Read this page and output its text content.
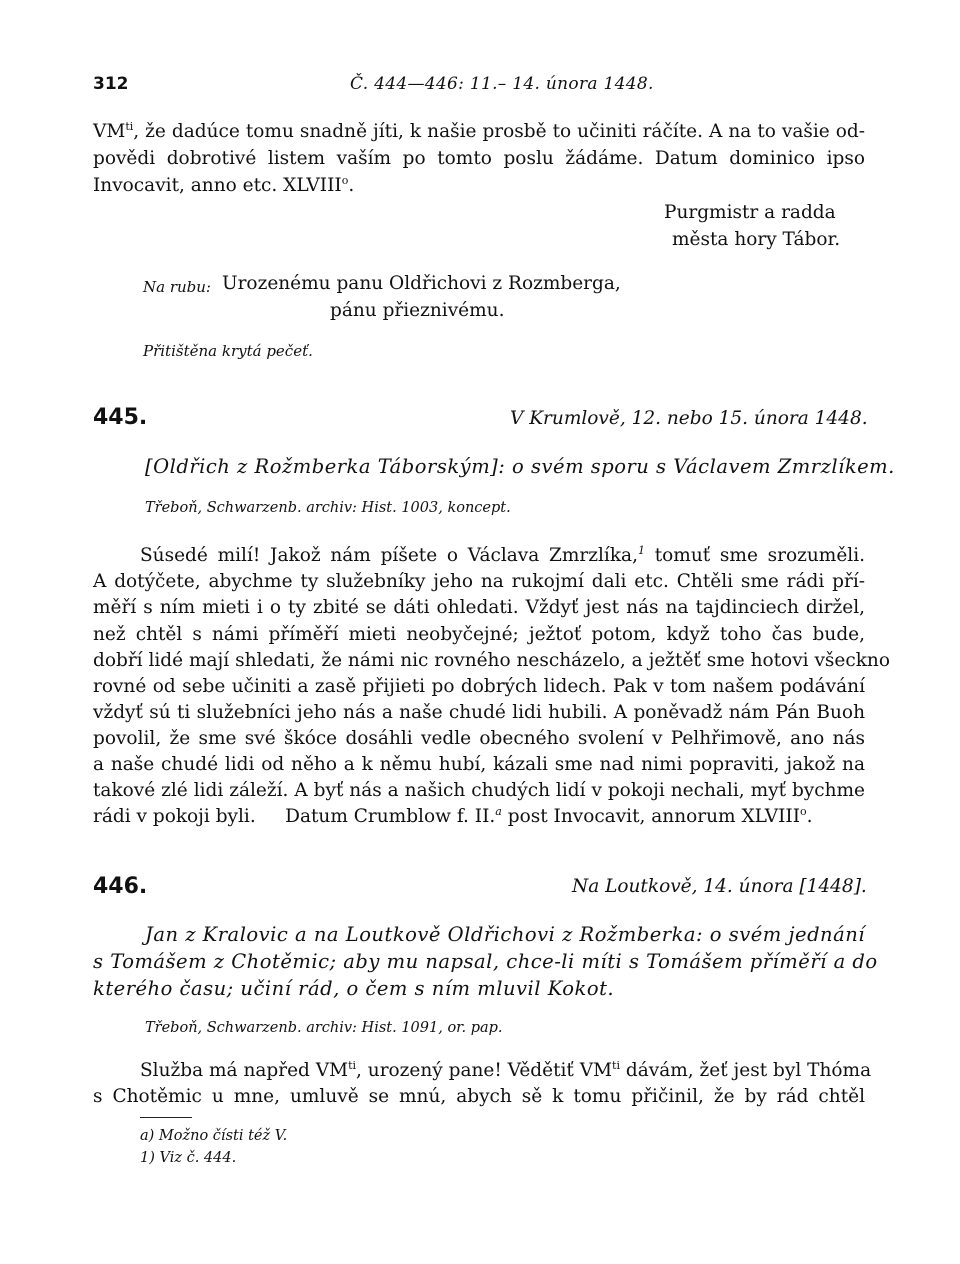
312	Č. 444—446: 11.– 14. února 1448.
$VM^{ti}$, že dadúce tomu snadně jíti, k našie prosbě to učiniti ráčíte. A na to vašie od-
povědi dobrotivé listem vaším po tomto poslu žádáme. Datum dominico ipso
Invocavit, anno etc. XLVIII$^o$.
Purgmistr a radda
města hory Tábor.
Na rubu: Urozenému panu Oldřichovi z Rozmberga,
pánu přieznivému.
Přitištěna krytá pečeť.
445.	V Krumlově, 12. nebo 15. února 1448.
[Oldřich z Rožmberka Táborským]: o svém sporu s Václavem Zmrzlíkem.
Třeboň, Schwarzenb. archiv: Hist. 1003, koncept.
Súsedé milí! Jakož nám píšete o Václava Zmrzlíka,$^1$ tomuť sme srozuměli.
A dotýčete, abychme ty služebníky jeho na rukojmí dali etc. Chtěli sme rádi pří-
měří s ním mieti i o ty zbité se dáti ohledati. Vždyť jest nás na tajdinciech diržel,
než chtěl s námi příměří mieti neobyčejné; ježtoť potom, když toho čas bude,
dobří lidé mají shledati, že námi nic rovného nescházelo, a ježtěť sme hotovi všeckno
rovné od sebe učiniti a zasě přijieti po dobrých lidech. Pak v tom našem podávání
vždyť sú ti služebníci jeho nás a naše chudé lidi hubili. A poněvadž nám Pán Buoh
povolil, že sme své škóce dosáhli vedle obecného svolení v Pelhřimově, ano nás
a naše chudé lidi od něho a k němu hubí, kázali sme nad nimi popraviti, jakož na
takové zlé lidi záleží. A byť nás a našich chudých lidí v pokoji nechali, myť bychme
rádi v pokoji byli.     Datum Crumblow f. II.$^a$ post Invocavit, annorum XLVIII$^o$.
446.	Na Loutkově, 14. února [1448].
Jan z Kralovic a na Loutkově Oldřichovi z Rožmberka: o svém jednání
s Tomášem z Chotěmic; aby mu napsal, chce-li míti s Tomášem příměří a do
kterého času; učiní rád, o čem s ním mluvil Kokot.
Třeboň, Schwarzenb. archiv: Hist. 1091, or. pap.
Služba má napřed $VM^{ti}$, urozený pane! Vědětiť $VM^{ti}$ dávám, žeť jest byl Thóma
s Chotěmic u mne, umluvě se mnú, abych sě k tomu přičinil, že by rád chtěl
a) Možno čísti též V.
1) Viz č. 444.
